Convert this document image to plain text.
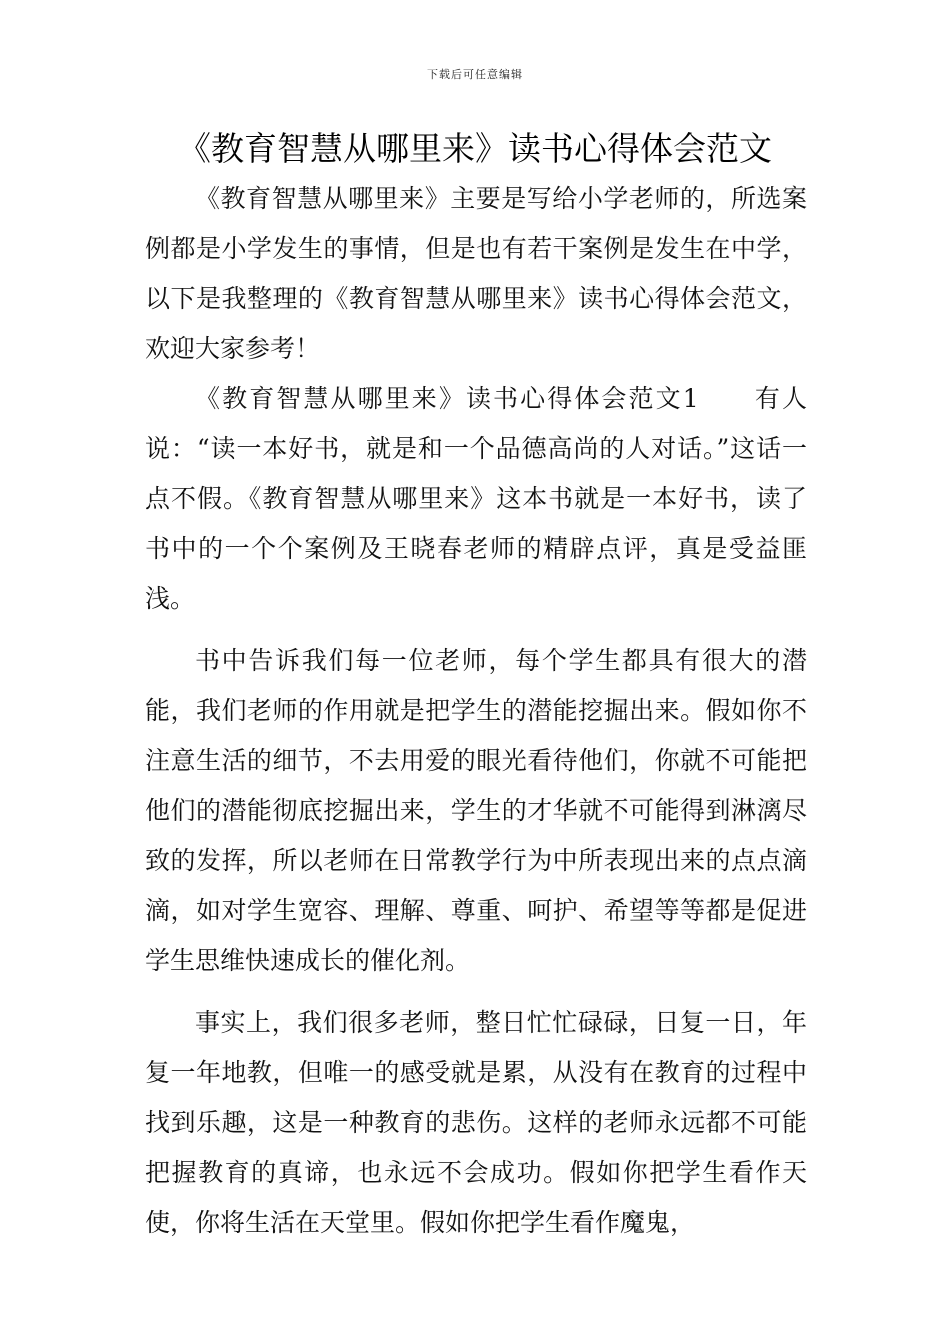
下载后可任意编辑
《教育智慧从哪里来》读书心得体会范文

《教育智慧从哪里来》主要是写给小学老师的，所选案例都是小学发生的事情，但是也有若干案例是发生在中学，以下是我整理的《教育智慧从哪里来》读书心得体会范文，欢迎大家参考！

《教育智慧从哪里来》读书心得体会范文1　　有人说：“读一本好书，就是和一个品德高尚的人对话。”这话一点不假。《教育智慧从哪里来》这本书就是一本好书，读了书中的一个个案例及王晓春老师的精辟点评，真是受益匪浅。

书中告诉我们每一位老师，每个学生都具有很大的潜能，我们老师的作用就是把学生的潜能挖掘出来。假如你不注意生活的细节，不去用爱的眼光看待他们，你就不可能把他们的潜能彻底挖掘出来，学生的才华就不可能得到淋漓尽致的发挥，所以老师在日常教学行为中所表现出来的点点滴滴，如对学生宽容、理解、尊重、呵护、希望等等都是促进学生思维快速成长的催化剂。

事实上，我们很多老师，整日忙忙碌碌，日复一日，年复一年地教，但唯一的感受就是累，从没有在教育的过程中找到乐趣，这是一种教育的悲伤。这样的老师永远都不可能把握教育的真谛，也永远不会成功。假如你把学生看作天使，你将生活在天堂里。假如你把学生看作魔鬼，
